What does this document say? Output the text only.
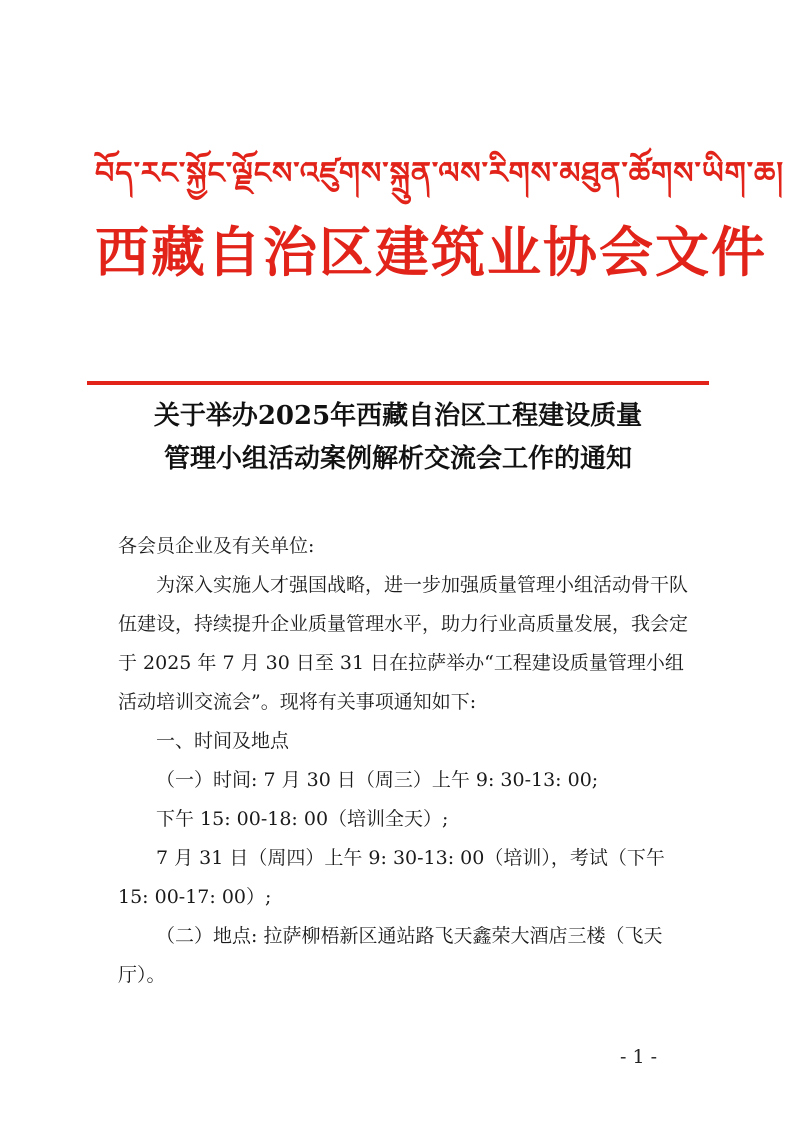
བོད་རང་སྐྱོང་ལྗོངས་འཛུགས་སྐྲུན་ལས་རིགས་མཐུན་ཚོགས་ཡིག་ཆ།
西藏自治区建筑业协会文件
关于举办2025年西藏自治区工程建设质量
管理小组活动案例解析交流会工作的通知

各会员企业及有关单位:

为深入实施人才强国战略，进一步加强质量管理小组活动骨干队伍建设，持续提升企业质量管理水平，助力行业高质量发展，我会定于 2025 年 7 月 30 日至 31 日在拉萨举办“工程建设质量管理小组活动培训交流会”。现将有关事项通知如下:

一、时间及地点

（一）时间: 7 月 30 日（周三）上午 9: 30-13: 00;

下午 15: 00-18: 00（培训全天）;

7 月 31 日（周四）上午 9: 30-13: 00（培训），考试（下午 15: 00-17: 00）;

（二）地点: 拉萨柳梧新区通站路飞天鑫荣大酒店三楼（飞天厅）。

- 1 -
